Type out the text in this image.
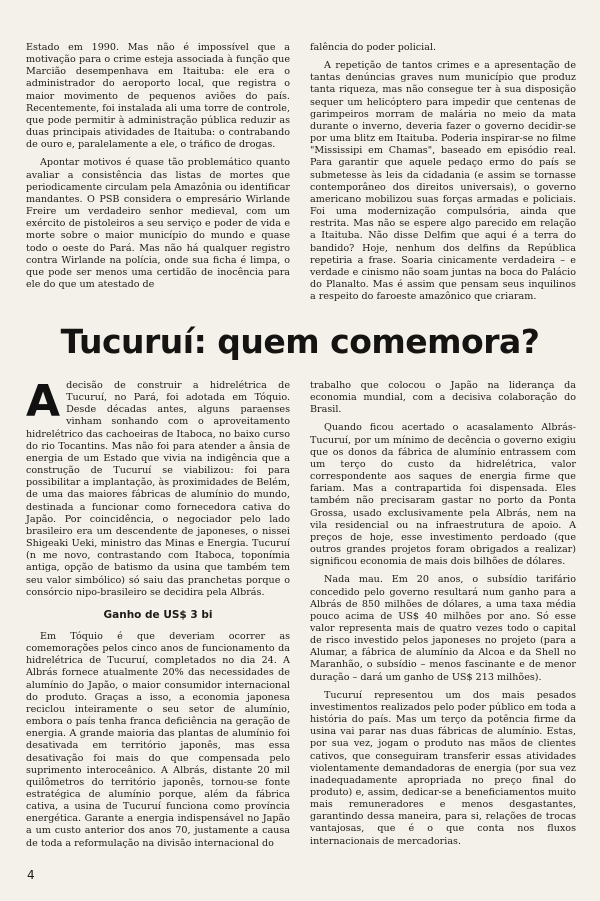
Estado em 1990. Mas não é impossível que a motivação para o crime esteja associada à função que Marcião desempenhava em Itaituba: ele era o administrador do aeroporto local, que registra o maior movimento de pequenos aviões do país. Recentemente, foi instalada ali uma torre de controle, que pode permitir à administração pública reduzir as duas principais atividades de Itaituba: o contrabando de ouro e, paralelamente a ele, o tráfico de drogas.

Apontar motivos é quase tão problemático quanto avaliar a consistência das listas de mortes que periodicamente circulam pela Amazônia ou identificar mandantes. O PSB considera o empresário Wirlande Freire um verdadeiro senhor medieval, com um exército de pistoleiros a seu serviço e poder de vida e morte sobre o maior município do mundo e quase todo o oeste do Pará. Mas não há qualquer registro contra Wirlande na polícia, onde sua ficha é limpa, o que pode ser menos uma certidão de inocência para ele do que um atestado de

falência do poder policial.

A repetição de tantos crimes e a apresentação de tantas denúncias graves num município que produz tanta riqueza, mas não consegue ter à sua disposição sequer um helicóptero para impedir que centenas de garimpeiros morram de malária no meio da mata durante o inverno, deveria fazer o governo decidir-se por uma blitz em Itaituba. Poderia inspirar-se no filme "Mississipi em Chamas", baseado em episódio real. Para garantir que aquele pedaço ermo do país se submetesse às leis da cidadania (e assim se tornasse contemporâneo dos direitos universais), o governo americano mobilizou suas forças armadas e policiais. Foi uma modernização compulsória, ainda que restrita. Mas não se espere algo parecido em relação a Itaituba. Não disse Delfim que aqui é a terra do bandido? Hoje, nenhum dos delfins da República repetiria a frase. Soaria cinicamente verdadeira – e verdade e cinismo não soam juntas na boca do Palácio do Planalto. Mas é assim que pensam seus inquilinos a respeito do faroeste amazônico que criaram.

Tucuruí: quem comemora?

Adecisão de construir a hidrelétrica de Tucuruí, no Pará, foi adotada em Tóquio. Desde décadas antes, alguns paraenses vinham sonhando com o aproveitamento hidrelétrico das cachoeiras de Itaboca, no baixo curso do rio Tocantins. Mas não foi para atender a ânsia de energia de um Estado que vivia na indigência que a construção de Tucuruí se viabilizou: foi para possibilitar a implantação, às proximidades de Belém, de uma das maiores fábricas de alumínio do mundo, destinada a funcionar como fornecedora cativa do Japão. Por coincidência, o negociador pelo lado brasileiro era um descendente de japoneses, o nissei Shigeaki Ueki, ministro das Minas e Energia. Tucuruí (n me novo, contrastando com Itaboca, toponímia antiga, opção de batismo da usina que também tem seu valor simbólico) só saiu das pranchetas porque o consórcio nipo-brasileiro se decidira pela Albrás.

Ganho de US$ 3 bi

Em Tóquio é que deveriam ocorrer as comemorações pelos cinco anos de funcionamento da hidrelétrica de Tucuruí, completados no dia 24. A Albrás fornece atualmente 20% das necessidades de alumínio do Japão, o maior consumidor internacional do produto. Graças a isso, a economia japonesa reciclou inteiramente o seu setor de alumínio, embora o país tenha franca deficiência na geração de energia. A grande maioria das plantas de alumínio foi desativada em território japonês, mas essa desativação foi mais do que compensada pelo suprimento interoceânico. A Albrás, distante 20 mil quilômetros do território japonês, tornou-se fonte estratégica de alumínio porque, além da fábrica cativa, a usina de Tucuruí funciona como província energética. Garante a energia indispensável no Japão a um custo anterior dos anos 70, justamente a causa de toda a reformulação na divisão internacional do

trabalho que colocou o Japão na liderança da economia mundial, com a decisiva colaboração do Brasil.

Quando ficou acertado o acasalamento Albrás-Tucuruí, por um mínimo de decência o governo exigiu que os donos da fábrica de alumínio entrassem com um terço do custo da hidrelétrica, valor correspondente aos saques de energia firme que fariam. Mas a contrapartida foi dispensada. Eles também não precisaram gastar no porto da Ponta Grossa, usado exclusivamente pela Albrás, nem na vila residencial ou na infraestrutura de apoio. A preços de hoje, esse investimento perdoado (que outros grandes projetos foram obrigados a realizar) significou economia de mais dois bilhões de dólares.

Nada mau. Em 20 anos, o subsídio tarifário concedido pelo governo resultará num ganho para a Albrás de 850 milhões de dólares, a uma taxa média pouco acima de US$ 40 milhões por ano. Só esse valor representa mais de quatro vezes todo o capital de risco investido pelos japoneses no projeto (para a Alumar, a fábrica de alumínio da Alcoa e da Shell no Maranhão, o subsídio – menos fascinante e de menor duração – dará um ganho de US$ 213 milhões).

Tucuruí representou um dos mais pesados investimentos realizados pelo poder público em toda a história do país. Mas um terço da potência firme da usina vai parar nas duas fábricas de alumínio. Estas, por sua vez, jogam o produto nas mãos de clientes cativos, que conseguiram transferir essas atividades violentamente demandadoras de energia (por sua vez inadequadamente apropriada no preço final do produto) e, assim, dedicar-se a beneficiamentos muito mais remuneradores e menos desgastantes, garantindo dessa maneira, para si, relações de trocas vantajosas, que é o que conta nos fluxos internacionais de mercadorias.

4
